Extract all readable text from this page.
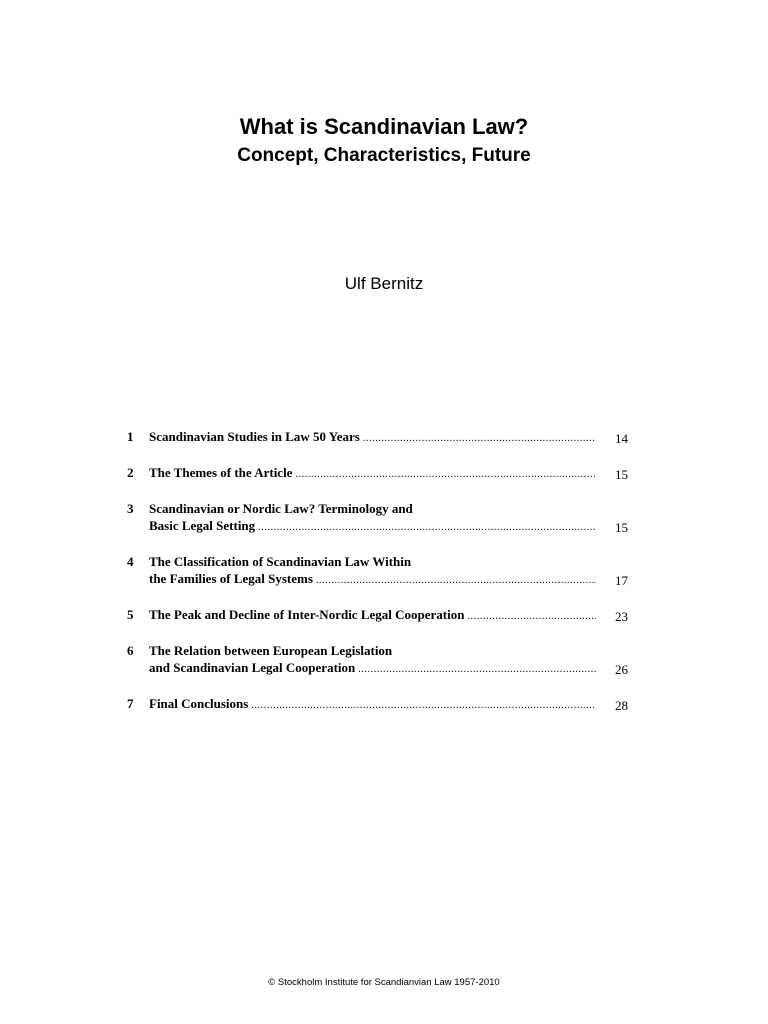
What is Scandinavian Law?
Concept, Characteristics, Future

Ulf Bernitz

1	Scandinavian Studies in Law 50 Years .....	14
2	The Themes of the Article .....	15
3	Scandinavian or Nordic Law? Terminology and
Basic Legal Setting .....	15
4	The Classification of Scandinavian Law Within
the Families of Legal Systems .....	17
5	The Peak and Decline of Inter-Nordic Legal Cooperation .....	23
6	The Relation between European Legislation
and Scandinavian Legal Cooperation .....	26
7	Final Conclusions .....	28

© Stockholm Institute for Scandianvian Law 1957-2010
